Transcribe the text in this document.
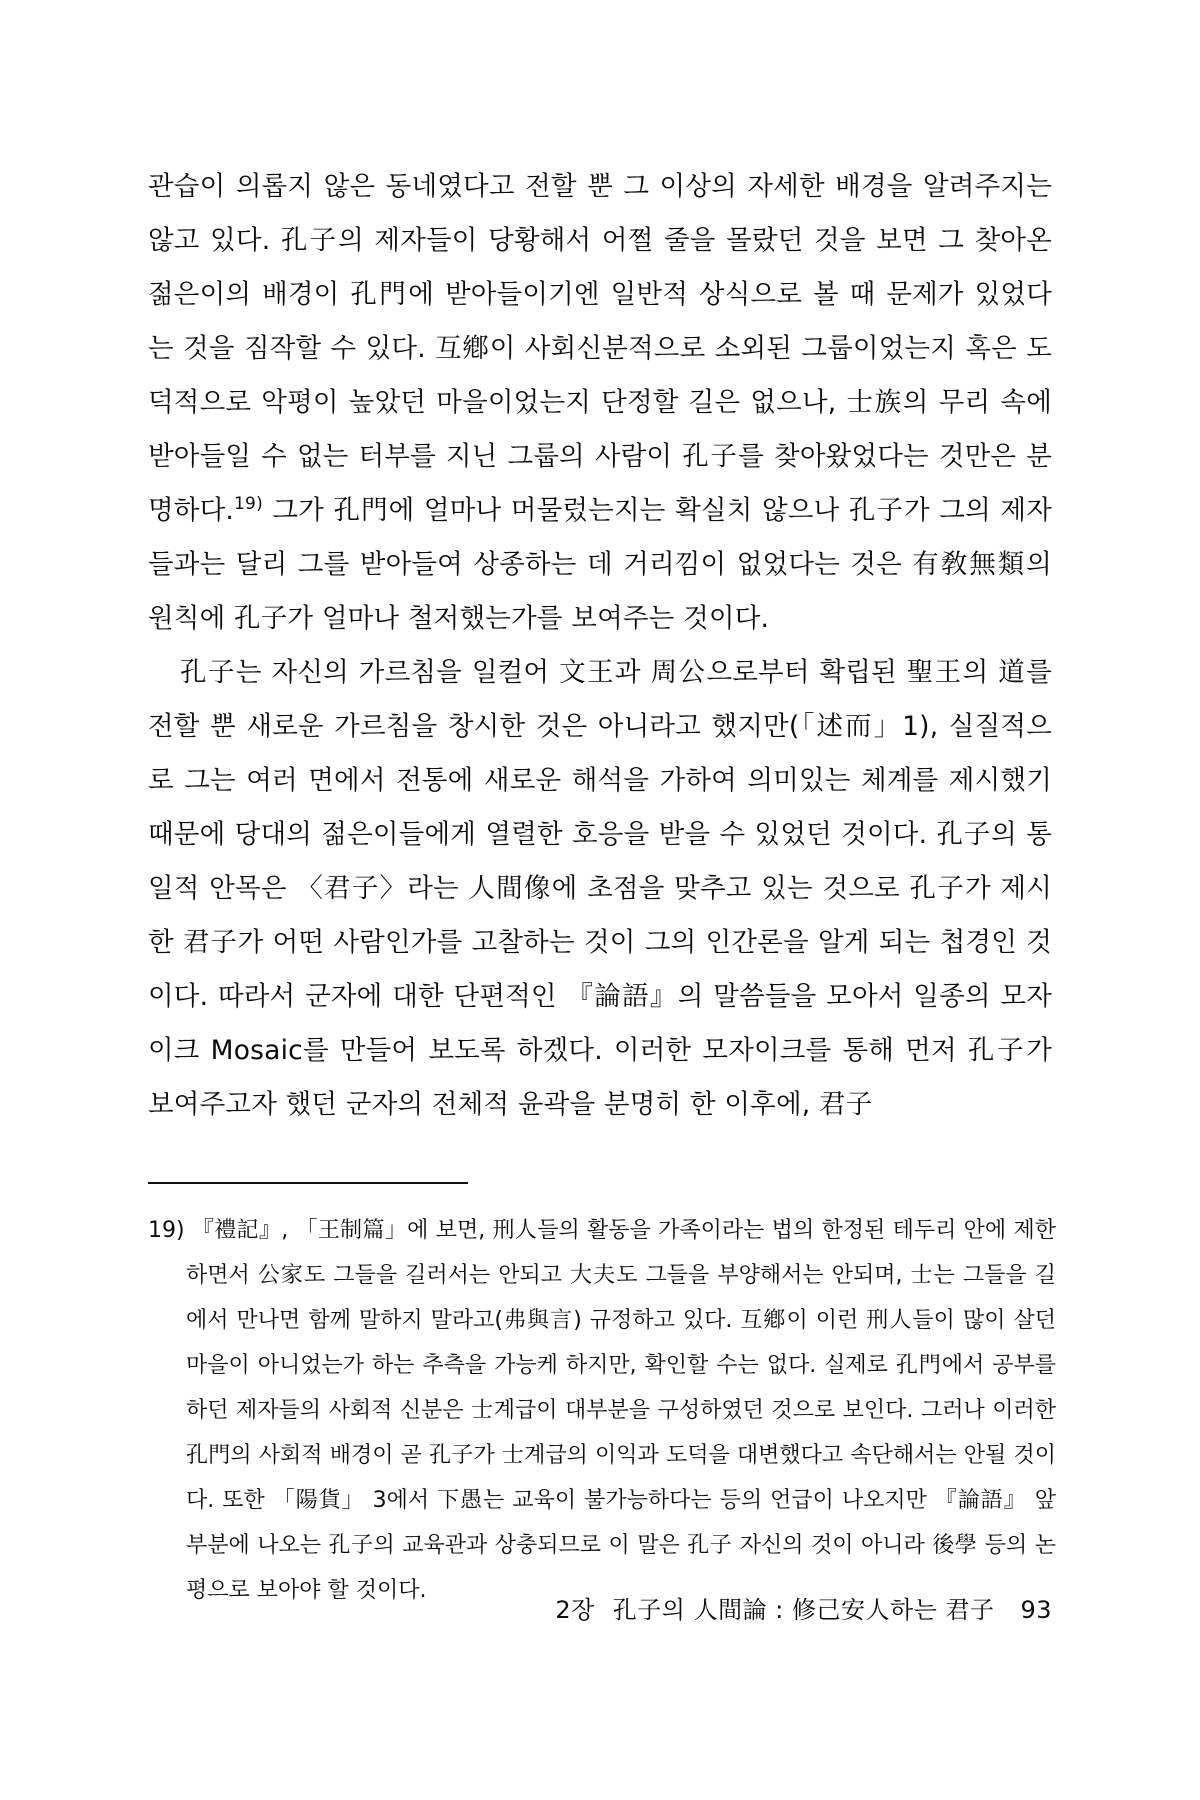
관습이 의롭지 않은 동네였다고 전할 뿐 그 이상의 자세한 배경을 알려주지는 않고 있다. 孔子의 제자들이 당황해서 어쩔 줄을 몰랐던 것을 보면 그 찾아온 젊은이의 배경이 孔門에 받아들이기엔 일반적 상식으로 볼 때 문제가 있었다는 것을 짐작할 수 있다. 互鄕이 사회신분적으로 소외된 그룹이었는지 혹은 도덕적으로 악평이 높았던 마을이었는지 단정할 길은 없으나, 士族의 무리 속에 받아들일 수 없는 터부를 지닌 그룹의 사람이 孔子를 찾아왔었다는 것만은 분명하다.$^{19)}$ 그가 孔門에 얼마나 머물렀는지는 확실치 않으나 孔子가 그의 제자들과는 달리 그를 받아들여 상종하는 데 거리낌이 없었다는 것은 有敎無類의 원칙에 孔子가 얼마나 철저했는가를 보여주는 것이다.

孔子는 자신의 가르침을 일컬어 文王과 周公으로부터 확립된 聖王의 道를 전할 뿐 새로운 가르침을 창시한 것은 아니라고 했지만(「述而」1), 실질적으로 그는 여러 면에서 전통에 새로운 해석을 가하여 의미있는 체계를 제시했기 때문에 당대의 젊은이들에게 열렬한 호응을 받을 수 있었던 것이다. 孔子의 통일적 안목은 〈君子〉라는 人間像에 초점을 맞추고 있는 것으로 孔子가 제시한 君子가 어떤 사람인가를 고찰하는 것이 그의 인간론을 알게 되는 첩경인 것이다. 따라서 군자에 대한 단편적인 『論語』의 말씀들을 모아서 일종의 모자이크 Mosaic를 만들어 보도록 하겠다. 이러한 모자이크를 통해 먼저 孔子가 보여주고자 했던 군자의 전체적 윤곽을 분명히 한 이후에, 君子

19) 『禮記』, 「王制篇」에 보면, 刑人들의 활동을 가족이라는 법의 한정된 테두리 안에 제한하면서 公家도 그들을 길러서는 안되고 大夫도 그들을 부양해서는 안되며, 士는 그들을 길에서 만나면 함께 말하지 말라고(弗與言) 규정하고 있다. 互鄕이 이런 刑人들이 많이 살던 마을이 아니었는가 하는 추측을 가능케 하지만, 확인할 수는 없다. 실제로 孔門에서 공부를 하던 제자들의 사회적 신분은 士계급이 대부분을 구성하였던 것으로 보인다. 그러나 이러한 孔門의 사회적 배경이 곧 孔子가 士계급의 이익과 도덕을 대변했다고 속단해서는 안될 것이다. 또한 「陽貨」 3에서 下愚는 교육이 불가능하다는 등의 언급이 나오지만 『論語』 앞부분에 나오는 孔子의 교육관과 상충되므로 이 말은 孔子 자신의 것이 아니라 後學 등의 논평으로 보아야 할 것이다.

2장 孔子의 人間論 : 修己安人하는 君子 93
